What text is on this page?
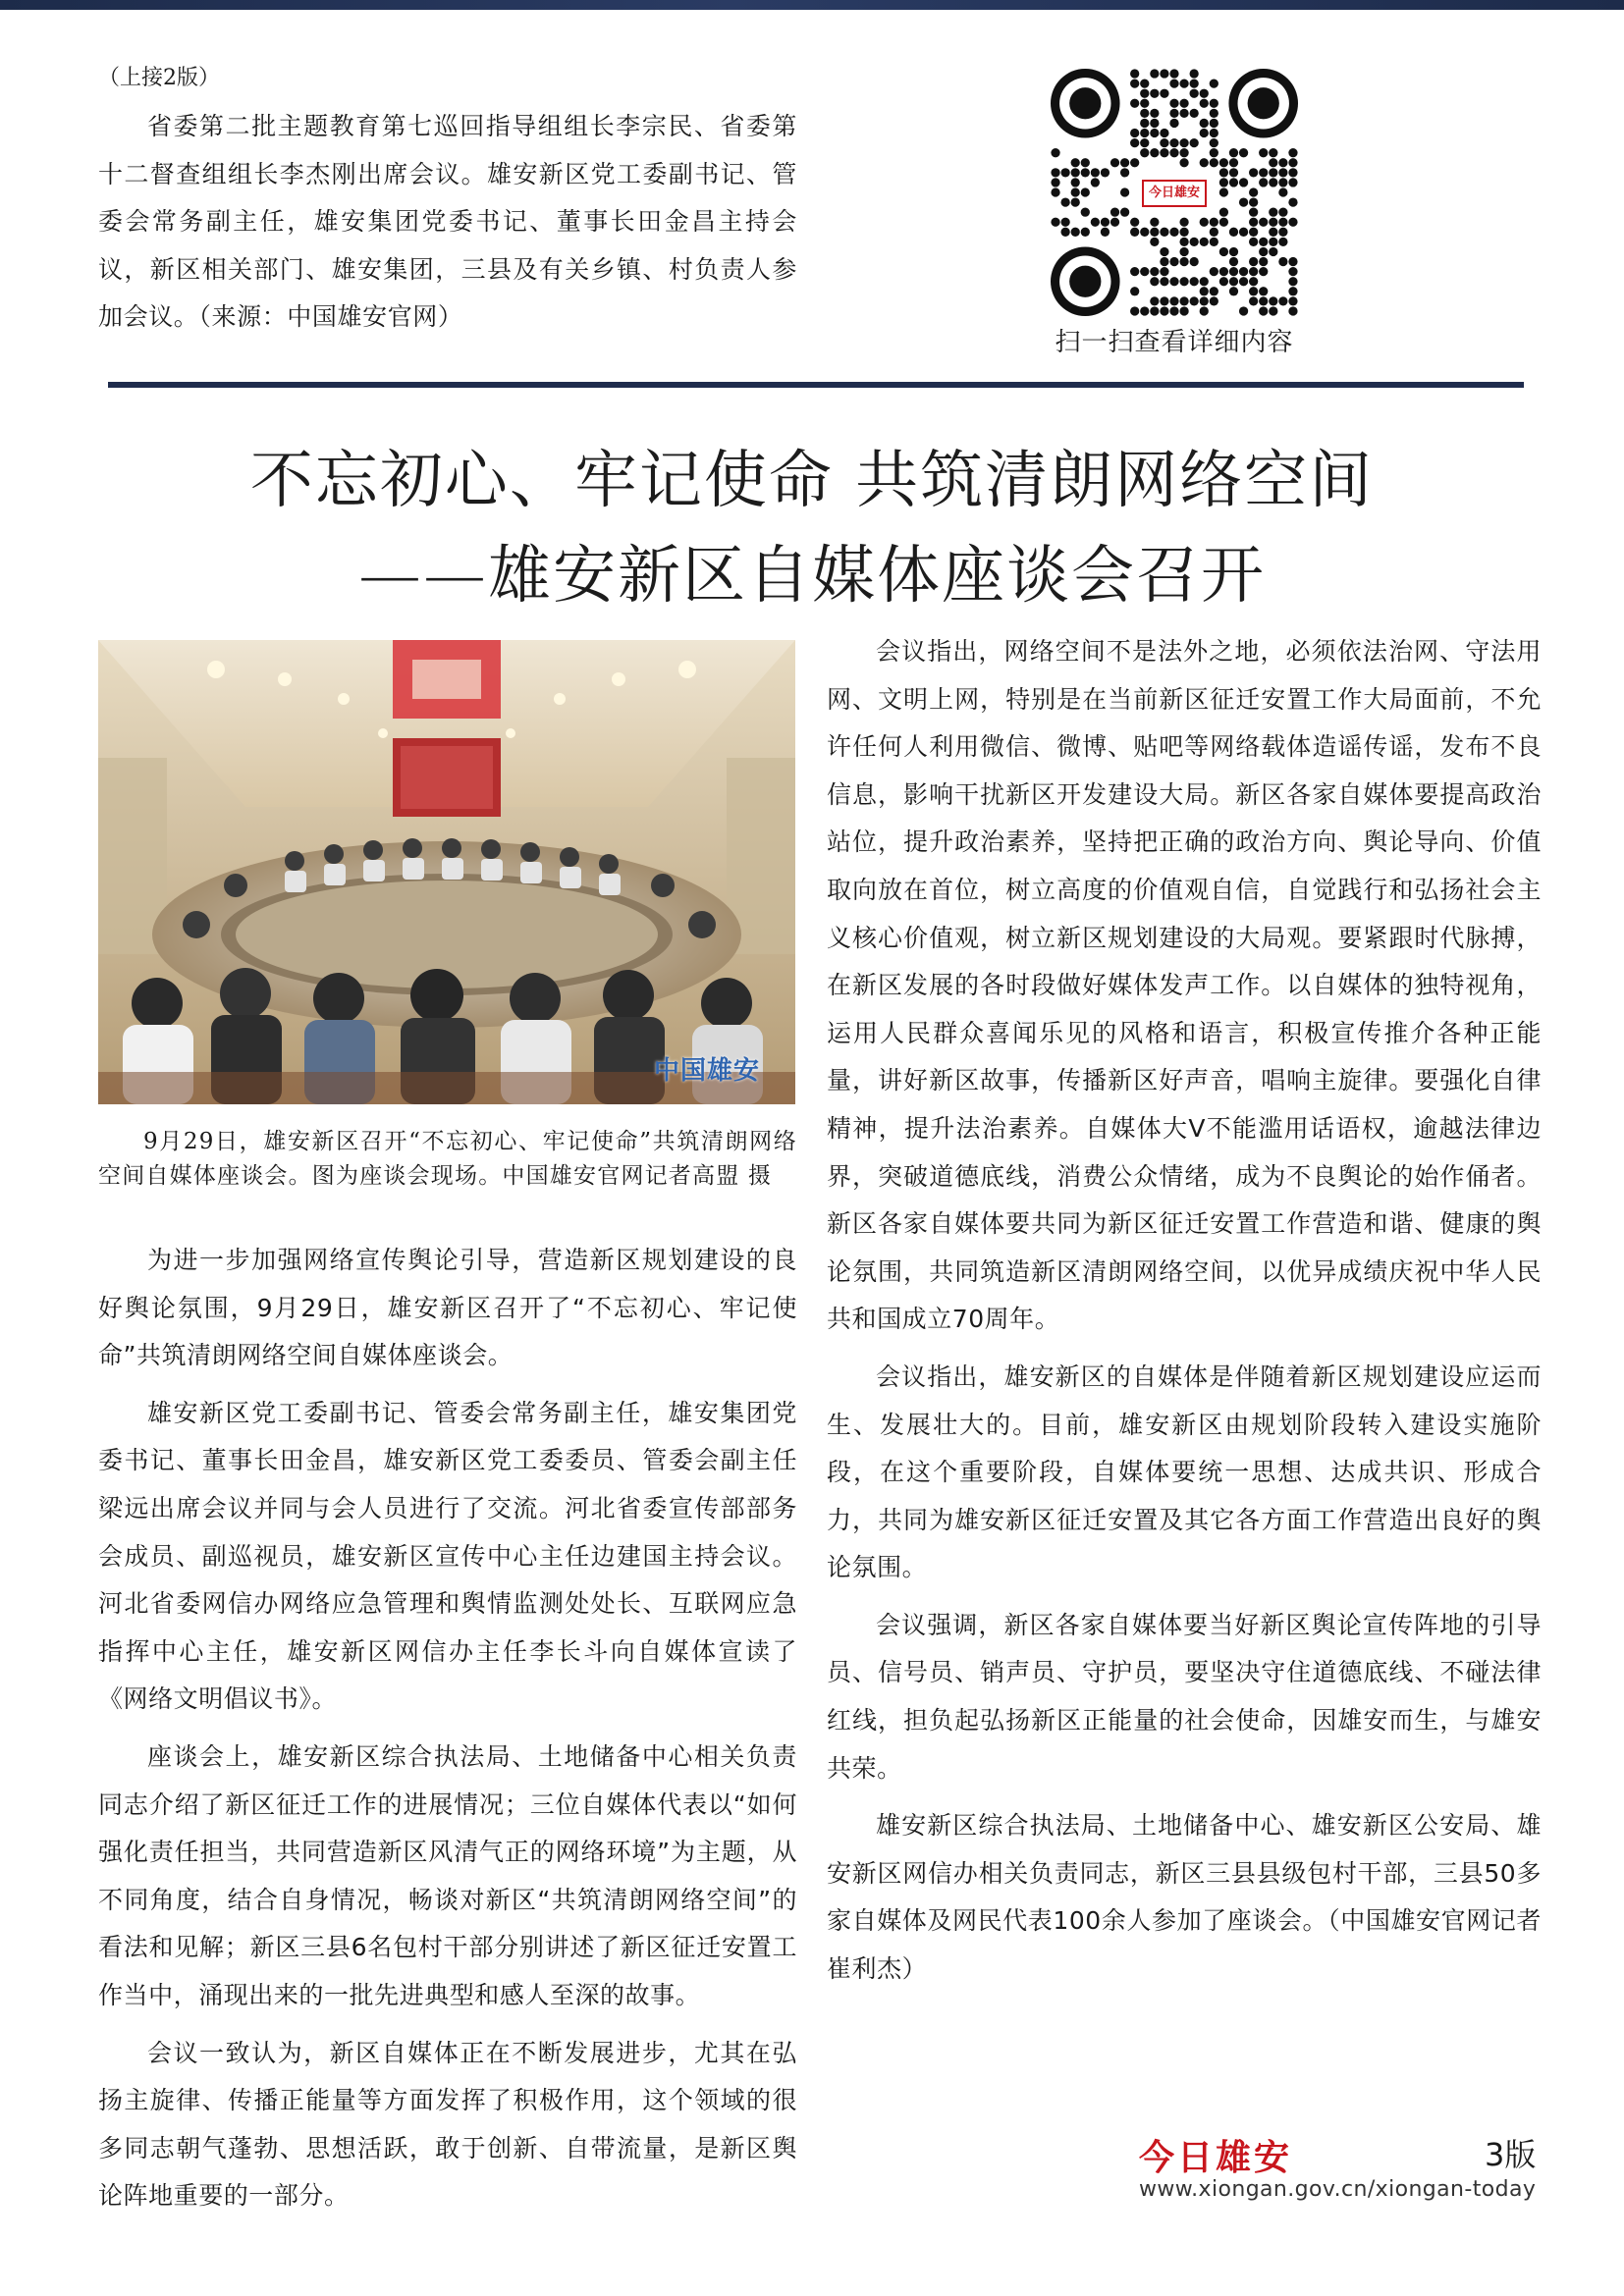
（上接2版）

省委第二批主题教育第七巡回指导组组长李宗民、省委第十二督查组组长李杰刚出席会议。雄安新区党工委副书记、管委会常务副主任，雄安集团党委书记、董事长田金昌主持会议，新区相关部门、雄安集团，三县及有关乡镇、村负责人参加会议。（来源：中国雄安官网）

今日雄安
扫一扫查看详细内容
不忘初心、牢记使命 共筑清朗网络空间
——雄安新区自媒体座谈会召开
中国雄安

9月29日，雄安新区召开“不忘初心、牢记使命”共筑清朗网络空间自媒体座谈会。图为座谈会现场。中国雄安官网记者高盟 摄

为进一步加强网络宣传舆论引导，营造新区规划建设的良好舆论氛围，9月29日，雄安新区召开了“不忘初心、牢记使命”共筑清朗网络空间自媒体座谈会。

雄安新区党工委副书记、管委会常务副主任，雄安集团党委书记、董事长田金昌，雄安新区党工委委员、管委会副主任梁远出席会议并同与会人员进行了交流。河北省委宣传部部务会成员、副巡视员，雄安新区宣传中心主任边建国主持会议。河北省委网信办网络应急管理和舆情监测处处长、互联网应急指挥中心主任，雄安新区网信办主任李长斗向自媒体宣读了《网络文明倡议书》。

座谈会上，雄安新区综合执法局、土地储备中心相关负责同志介绍了新区征迁工作的进展情况；三位自媒体代表以“如何强化责任担当，共同营造新区风清气正的网络环境”为主题，从不同角度，结合自身情况，畅谈对新区“共筑清朗网络空间”的看法和见解；新区三县6名包村干部分别讲述了新区征迁安置工作当中，涌现出来的一批先进典型和感人至深的故事。

会议一致认为，新区自媒体正在不断发展进步，尤其在弘扬主旋律、传播正能量等方面发挥了积极作用，这个领域的很多同志朝气蓬勃、思想活跃，敢于创新、自带流量，是新区舆论阵地重要的一部分。

会议指出，网络空间不是法外之地，必须依法治网、守法用网、文明上网，特别是在当前新区征迁安置工作大局面前，不允许任何人利用微信、微博、贴吧等网络载体造谣传谣，发布不良信息，影响干扰新区开发建设大局。新区各家自媒体要提高政治站位，提升政治素养，坚持把正确的政治方向、舆论导向、价值取向放在首位，树立高度的价值观自信，自觉践行和弘扬社会主义核心价值观，树立新区规划建设的大局观。要紧跟时代脉搏，在新区发展的各时段做好媒体发声工作。以自媒体的独特视角，运用人民群众喜闻乐见的风格和语言，积极宣传推介各种正能量，讲好新区故事，传播新区好声音，唱响主旋律。要强化自律精神，提升法治素养。自媒体大V不能滥用话语权，逾越法律边界，突破道德底线，消费公众情绪，成为不良舆论的始作俑者。新区各家自媒体要共同为新区征迁安置工作营造和谐、健康的舆论氛围，共同筑造新区清朗网络空间，以优异成绩庆祝中华人民共和国成立70周年。

会议指出，雄安新区的自媒体是伴随着新区规划建设应运而生、发展壮大的。目前，雄安新区由规划阶段转入建设实施阶段，在这个重要阶段，自媒体要统一思想、达成共识、形成合力，共同为雄安新区征迁安置及其它各方面工作营造出良好的舆论氛围。

会议强调，新区各家自媒体要当好新区舆论宣传阵地的引导员、信号员、销声员、守护员，要坚决守住道德底线、不碰法律红线，担负起弘扬新区正能量的社会使命，因雄安而生，与雄安共荣。

雄安新区综合执法局、土地储备中心、雄安新区公安局、雄安新区网信办相关负责同志，新区三县县级包村干部，三县50多家自媒体及网民代表100余人参加了座谈会。（中国雄安官网记者 崔利杰）

今日雄安	3版
www.xiongan.gov.cn/xiongan-today
